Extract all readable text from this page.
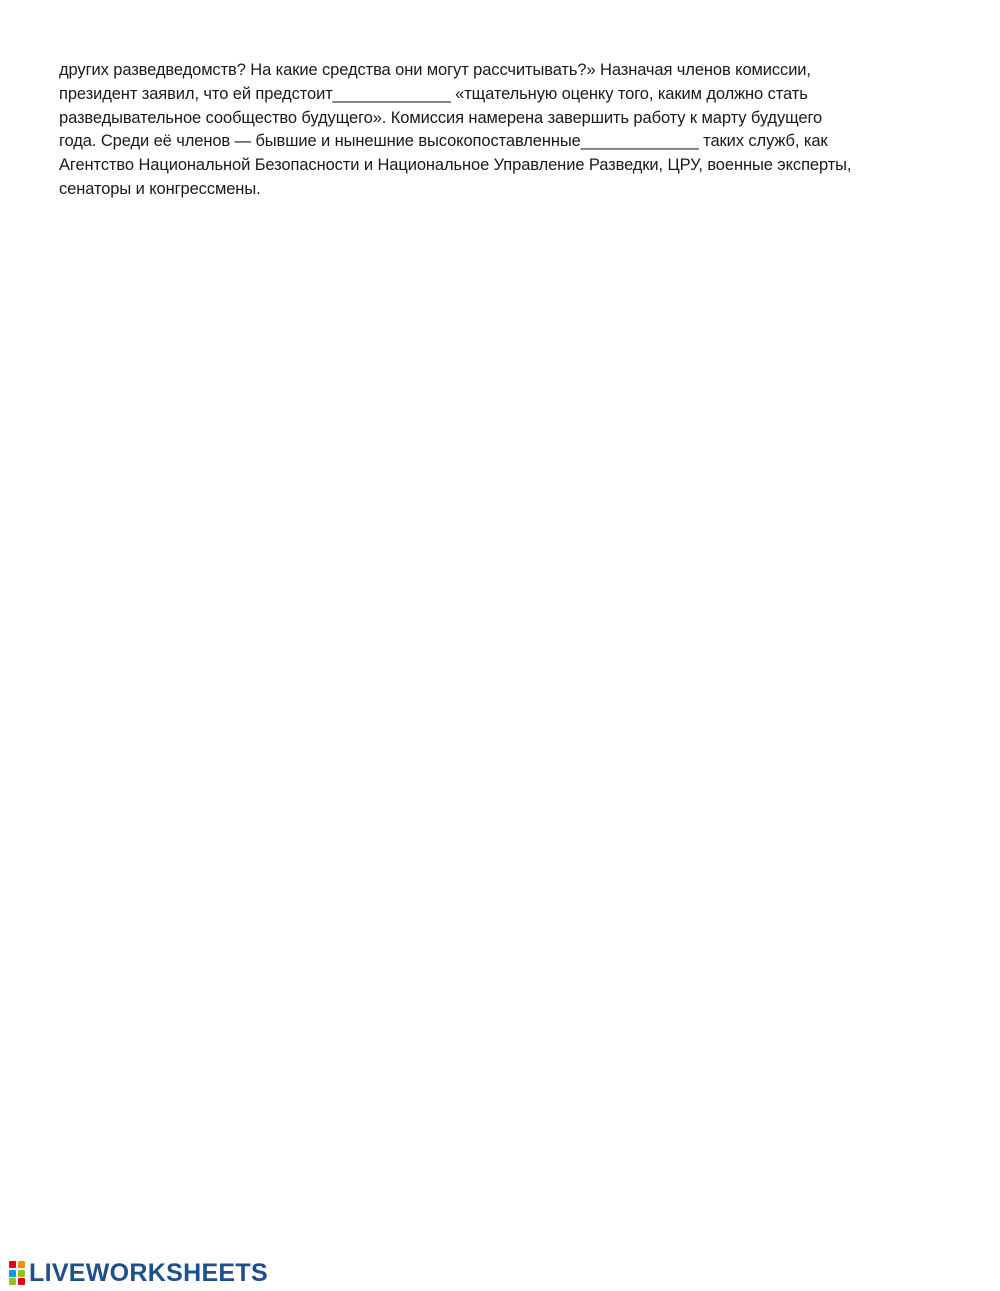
других разведведомств? На какие средства они могут рассчитывать?» Назначая членов комиссии,
президент заявил, что ей предстоит_____________ «тщательную оценку того, каким должно стать
разведывательное сообщество будущего». Комиссия намерена завершить работу к марту будущего
года. Среди её членов — бывшие и нынешние высокопоставленные_____________ таких служб, как
Агентство Национальной Безопасности и Национальное Управление Разведки, ЦРУ, военные эксперты,
сенаторы и конгрессмены.
LIVEWORKSHEETS
